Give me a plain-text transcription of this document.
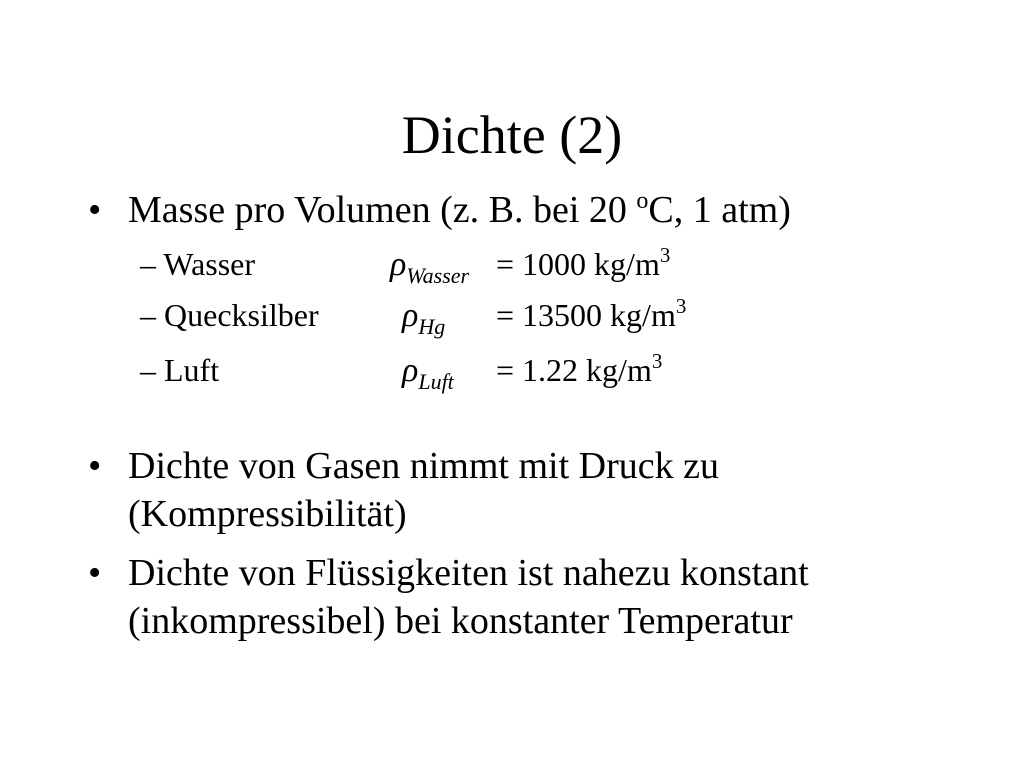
Dichte (2)
• Masse pro Volumen (z. B. bei 20 $^o$C, 1 atm)
– Wasser	$\rho_{Wasser} = 1000$ $kg/m^3$
– Quecksilber $\rho_{Hg} = 13500$ $kg/m^3$
– Luft	$\rho_{Luft} = 1.22$ $kg/m^3$
• Dichte von Gasen nimmt mit Druck zu
(Kompressibilität)
• Dichte von Flüssigkeiten ist nahezu konstant
(inkompressibel) bei konstanter Temperatur
